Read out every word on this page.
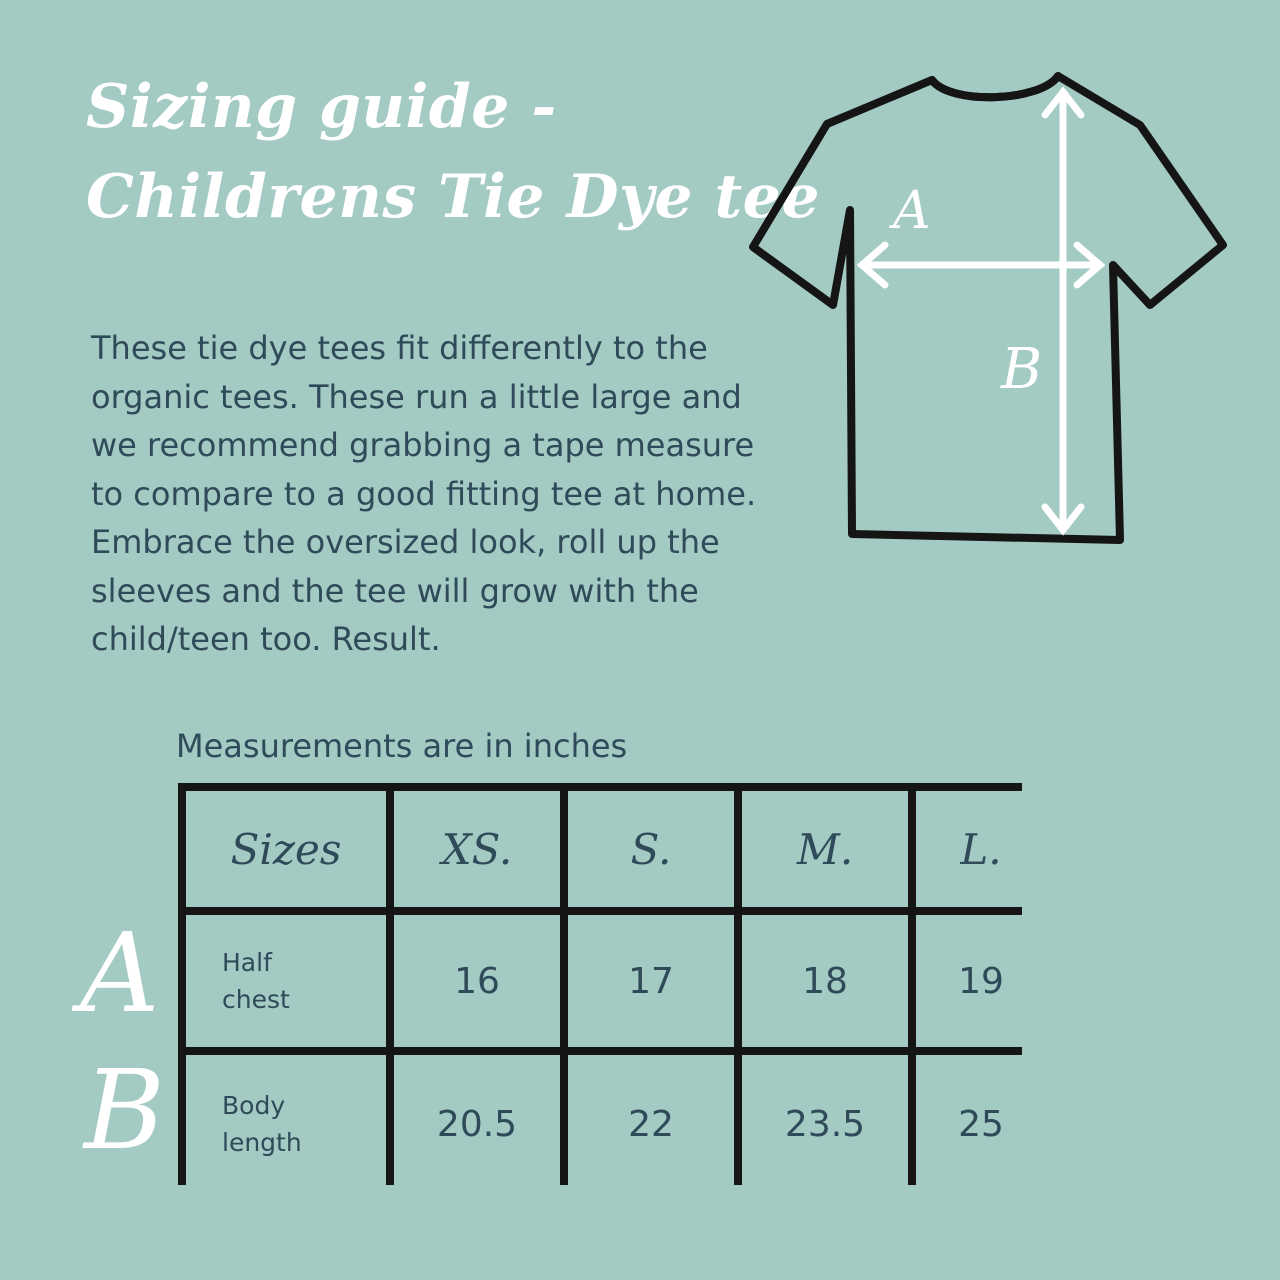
Sizing guide -
Childrens Tie Dye tee

These tie dye tees fit differently to the organic tees. These run a little large and we recommend grabbing a tape measure to compare to a good fitting tee at home. Embrace the oversized look, roll up the sleeves and the tee will grow with the child/teen too. Result.

A
B
Measurements are in inches
A
B
Sizes	XS.	S.	M.	L.
Half
chest	16	17	18	19
Body
length	20.5	22	23.5	25
